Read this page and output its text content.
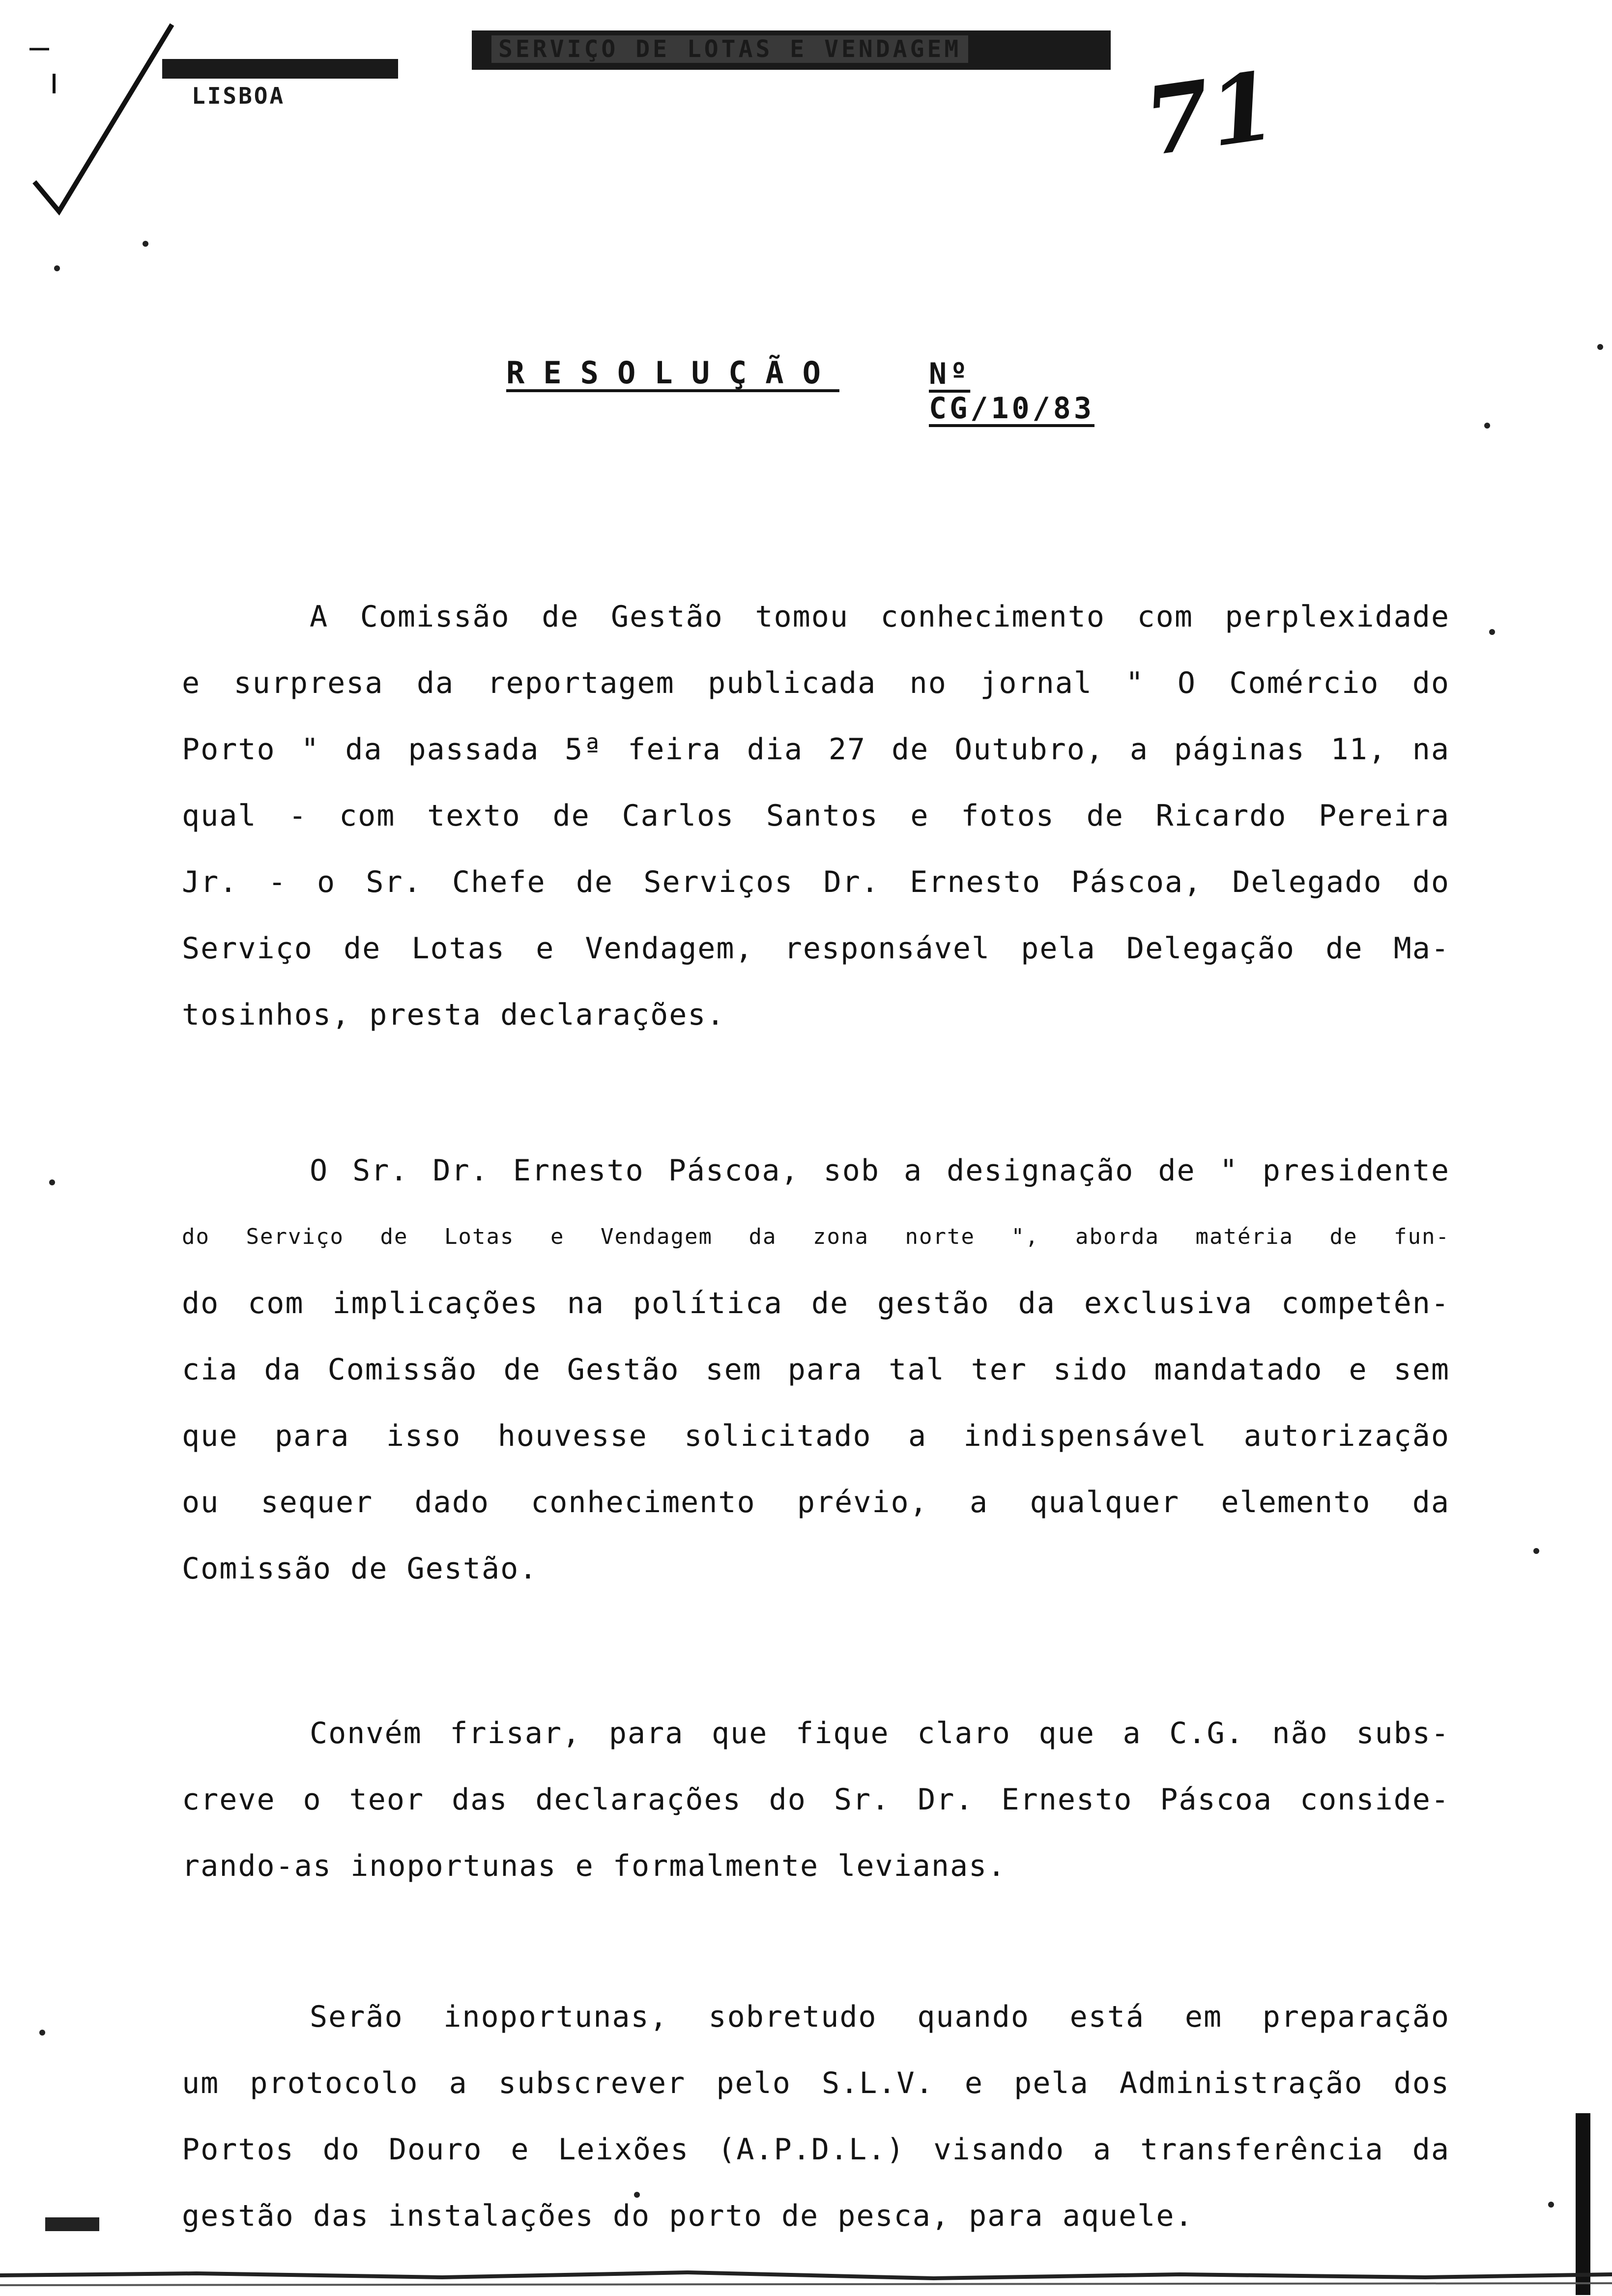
SERVIÇO DE LOTAS E VENDAGEM
LISBOA	71
RESOLUÇÃO	Nº CG/10/83
A Comissão de Gestão tomou conhecimento com perplexidade
e surpresa da reportagem publicada no jornal " O Comércio do
Porto " da passada 5ª feira dia 27 de Outubro, a páginas 11, na
qual - com texto de Carlos Santos e fotos de Ricardo Pereira
Jr. - o Sr. Chefe de Serviços Dr. Ernesto Páscoa, Delegado do
Serviço de Lotas e Vendagem, responsável pela Delegação de Ma-
tosinhos, presta declarações.
O Sr. Dr. Ernesto Páscoa, sob a designação de " presidente
do Serviço de Lotas e Vendagem da zona norte ", aborda matéria de fun-
do com implicações na política de gestão da exclusiva competên-
cia da Comissão de Gestão sem para tal ter sido mandatado e sem
que para isso houvesse solicitado a indispensável autorização
ou sequer dado conhecimento prévio, a qualquer elemento da
Comissão de Gestão.
Convém frisar, para que fique claro que a C.G. não subs-
creve o teor das declarações do Sr. Dr. Ernesto Páscoa conside-
rando-as inoportunas e formalmente levianas.
Serão inoportunas, sobretudo quando está em preparação
um protocolo a subscrever pelo S.L.V. e pela Administração dos
Portos do Douro e Leixões (A.P.D.L.) visando a transferência da
gestão das instalações do porto de pesca, para aquele.
